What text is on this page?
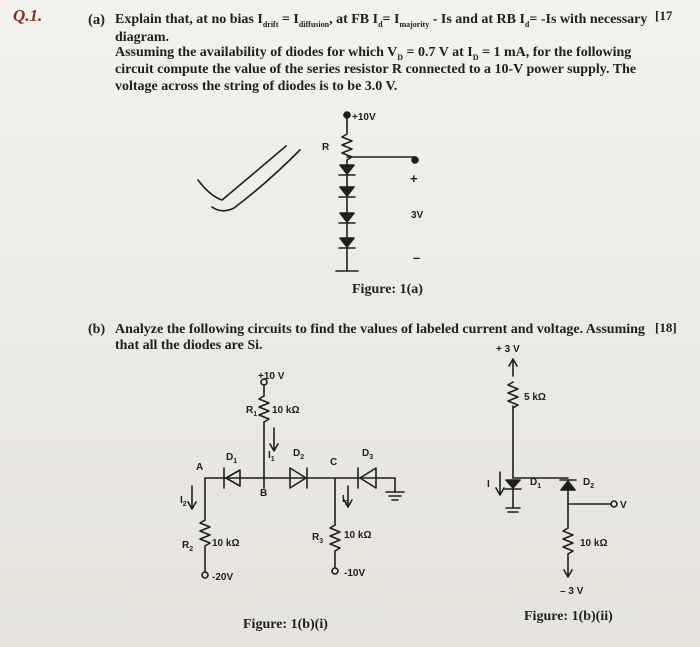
Q.1.	(a) Explain that, at no bias $I_{drift} = I_{diffusion}$, at FB $I_d= I_{majority} - Is$ and at RB $I_d= -Is$ with necessary [17
diagram.
Assuming the availability of diodes for which $V_D = 0.7$ V at $I_D = 1$ mA, for the following
circuit compute the value of the series resistor R connected to a 10-V power supply. The
voltage across the string of diodes is to be 3.0 V.
+10V
R
+
3V
–
+10 V
$R_1$ 10 kΩ
$D_1$
$I_1$
$D_2$	C
$D_3$
A
B
$I_2$	$I_3$
$R_2$
10 kΩ
$R_3$
10 kΩ
-20V	-10V
+ 3 V
5 kΩ
I	$D_1$	$D_2$
V
10 kΩ
– 3 V
Figure: 1(a)
(b) Analyze the following circuits to find the values of labeled current and voltage. Assuming [18]
that all the diodes are Si.
Figure: 1(b)(i)
Figure: 1(b)(ii)
